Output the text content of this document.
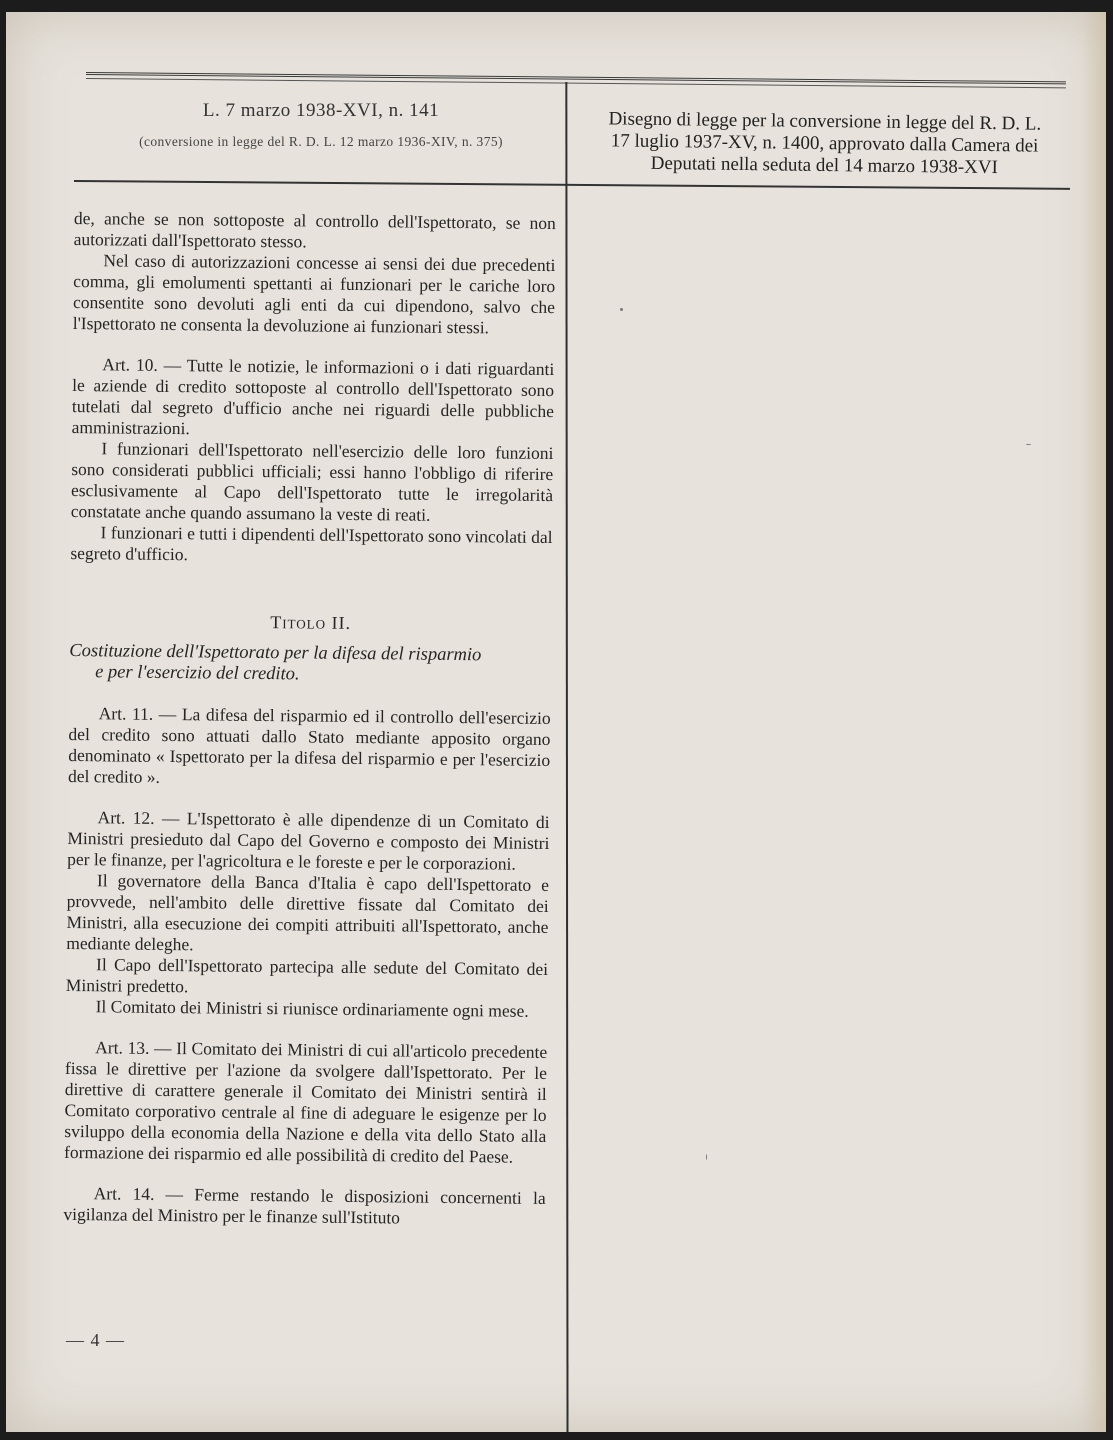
L. 7 marzo 1938-XVI, n. 141
(conversione in legge del R. D. L. 12 marzo 1936-XIV, n. 375)
Disegno di legge per la conversione in legge del R. D. L.
17 luglio 1937-XV, n. 1400, approvato dalla Camera dei
Deputati nella seduta del 14 marzo 1938-XVI

de, anche se non sottoposte al controllo dell'Ispettorato, se non autorizzati dall'Ispettorato stesso.

Nel caso di autorizzazioni concesse ai sensi dei due precedenti comma, gli emolumenti spettanti ai funzionari per le cariche loro consentite sono devoluti agli enti da cui dipendono, salvo che l'Ispettorato ne consenta la devoluzione ai funzionari stessi.

Art. 10. — Tutte le notizie, le informazioni o i dati riguardanti le aziende di credito sottoposte al controllo dell'Ispettorato sono tutelati dal segreto d'ufficio anche nei riguardi delle pubbliche amministrazioni.

I funzionari dell'Ispettorato nell'esercizio delle loro funzioni sono considerati pubblici ufficiali; essi hanno l'obbligo di riferire esclusivamente al Capo dell'Ispettorato tutte le irregolarità constatate anche quando assumano la veste di reati.

I funzionari e tutti i dipendenti dell'Ispettorato sono vincolati dal segreto d'ufficio.

Titolo II.

Costituzione dell'Ispettorato per la difesa del risparmio
e per l'esercizio del credito.

Art. 11. — La difesa del risparmio ed il controllo dell'esercizio del credito sono attuati dallo Stato mediante apposito organo denominato « Ispettorato per la difesa del risparmio e per l'esercizio del credito ».

Art. 12. — L'Ispettorato è alle dipendenze di un Comitato di Ministri presieduto dal Capo del Governo e composto dei Ministri per le finanze, per l'agricoltura e le foreste e per le corporazioni.

Il governatore della Banca d'Italia è capo dell'Ispettorato e provvede, nell'ambito delle direttive fissate dal Comitato dei Ministri, alla esecuzione dei compiti attribuiti all'Ispettorato, anche mediante deleghe.

Il Capo dell'Ispettorato partecipa alle sedute del Comitato dei Ministri predetto.

Il Comitato dei Ministri si riunisce ordinariamente ogni mese.

Art. 13. — Il Comitato dei Ministri di cui all'articolo precedente fissa le direttive per l'azione da svolgere dall'Ispettorato. Per le direttive di carattere generale il Comitato dei Ministri sentirà il Comitato corporativo centrale al fine di adeguare le esigenze per lo sviluppo della economia della Nazione e della vita dello Stato alla formazione dei risparmio ed alle possibilità di credito del Paese.

Art. 14. — Ferme restando le disposizioni concernenti la vigilanza del Ministro per le finanze sull'Istituto

— 4 —
